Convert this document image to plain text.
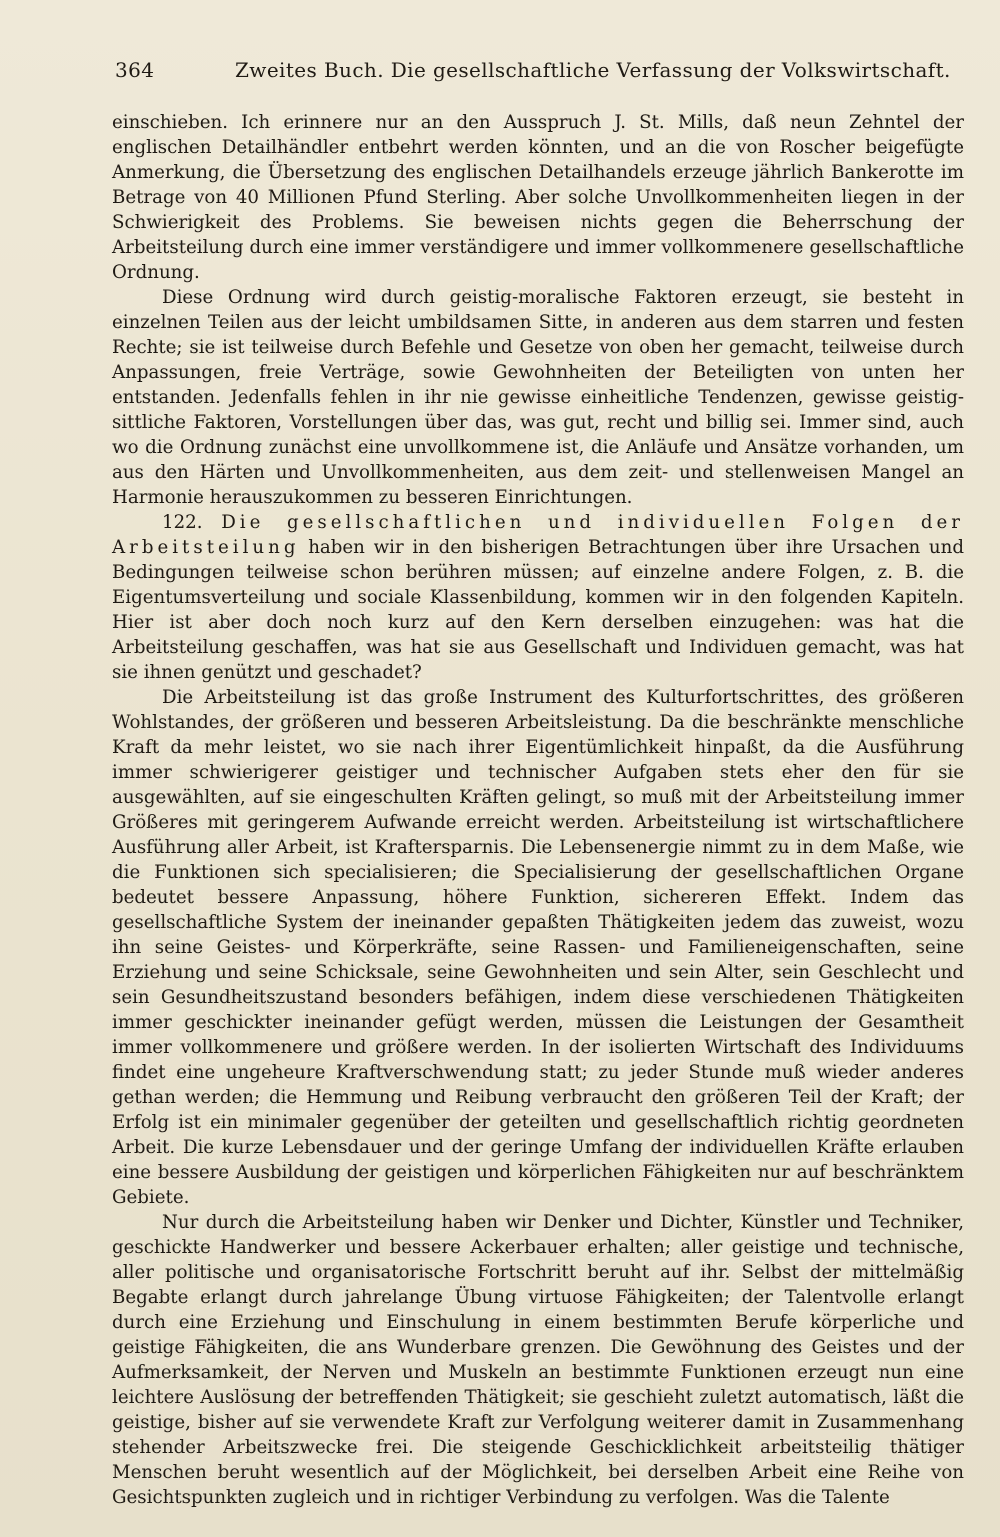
364	Zweites Buch. Die gesellschaftliche Verfassung der Volkswirtschaft.

einschieben. Ich erinnere nur an den Ausspruch J. St. Mills, daß neun Zehntel der englischen Detailhändler entbehrt werden könnten, und an die von Roscher beigefügte Anmerkung, die Übersetzung des englischen Detailhandels erzeuge jährlich Bankerotte im Betrage von 40 Millionen Pfund Sterling. Aber solche Unvollkommenheiten liegen in der Schwierigkeit des Problems. Sie beweisen nichts gegen die Beherrschung der Arbeitsteilung durch eine immer verständigere und immer vollkommenere gesellschaftliche Ordnung.

Diese Ordnung wird durch geistig-moralische Faktoren erzeugt, sie besteht in einzelnen Teilen aus der leicht umbildsamen Sitte, in anderen aus dem starren und festen Rechte; sie ist teilweise durch Befehle und Gesetze von oben her gemacht, teilweise durch Anpassungen, freie Verträge, sowie Gewohnheiten der Beteiligten von unten her entstanden. Jedenfalls fehlen in ihr nie gewisse einheitliche Tendenzen, gewisse geistig-sittliche Faktoren, Vorstellungen über das, was gut, recht und billig sei. Immer sind, auch wo die Ordnung zunächst eine unvollkommene ist, die Anläufe und Ansätze vorhanden, um aus den Härten und Unvollkommenheiten, aus dem zeit- und stellenweisen Mangel an Harmonie herauszukommen zu besseren Einrichtungen.

122. Die gesellschaftlichen und individuellen Folgen der Arbeitsteilung haben wir in den bisherigen Betrachtungen über ihre Ursachen und Bedingungen teilweise schon berühren müssen; auf einzelne andere Folgen, z. B. die Eigentumsverteilung und sociale Klassenbildung, kommen wir in den folgenden Kapiteln. Hier ist aber doch noch kurz auf den Kern derselben einzugehen: was hat die Arbeitsteilung geschaffen, was hat sie aus Gesellschaft und Individuen gemacht, was hat sie ihnen genützt und geschadet?

Die Arbeitsteilung ist das große Instrument des Kulturfortschrittes, des größeren Wohlstandes, der größeren und besseren Arbeitsleistung. Da die beschränkte menschliche Kraft da mehr leistet, wo sie nach ihrer Eigentümlichkeit hinpaßt, da die Ausführung immer schwierigerer geistiger und technischer Aufgaben stets eher den für sie ausgewählten, auf sie eingeschulten Kräften gelingt, so muß mit der Arbeitsteilung immer Größeres mit geringerem Aufwande erreicht werden. Arbeitsteilung ist wirtschaftlichere Ausführung aller Arbeit, ist Kraftersparnis. Die Lebensenergie nimmt zu in dem Maße, wie die Funktionen sich specialisieren; die Specialisierung der gesellschaftlichen Organe bedeutet bessere Anpassung, höhere Funktion, sichereren Effekt. Indem das gesellschaftliche System der ineinander gepaßten Thätigkeiten jedem das zuweist, wozu ihn seine Geistes- und Körperkräfte, seine Rassen- und Familieneigenschaften, seine Erziehung und seine Schicksale, seine Gewohnheiten und sein Alter, sein Geschlecht und sein Gesundheitszustand besonders befähigen, indem diese verschiedenen Thätigkeiten immer geschickter ineinander gefügt werden, müssen die Leistungen der Gesamtheit immer vollkommenere und größere werden. In der isolierten Wirtschaft des Individuums findet eine ungeheure Kraftverschwendung statt; zu jeder Stunde muß wieder anderes gethan werden; die Hemmung und Reibung verbraucht den größeren Teil der Kraft; der Erfolg ist ein minimaler gegenüber der geteilten und gesellschaftlich richtig geordneten Arbeit. Die kurze Lebensdauer und der geringe Umfang der individuellen Kräfte erlauben eine bessere Ausbildung der geistigen und körperlichen Fähigkeiten nur auf beschränktem Gebiete.

Nur durch die Arbeitsteilung haben wir Denker und Dichter, Künstler und Techniker, geschickte Handwerker und bessere Ackerbauer erhalten; aller geistige und technische, aller politische und organisatorische Fortschritt beruht auf ihr. Selbst der mittelmäßig Begabte erlangt durch jahrelange Übung virtuose Fähigkeiten; der Talentvolle erlangt durch eine Erziehung und Einschulung in einem bestimmten Berufe körperliche und geistige Fähigkeiten, die ans Wunderbare grenzen. Die Gewöhnung des Geistes und der Aufmerksamkeit, der Nerven und Muskeln an bestimmte Funktionen erzeugt nun eine leichtere Auslösung der betreffenden Thätigkeit; sie geschieht zuletzt automatisch, läßt die geistige, bisher auf sie verwendete Kraft zur Verfolgung weiterer damit in Zusammenhang stehender Arbeitszwecke frei. Die steigende Geschicklichkeit arbeitsteilig thätiger Menschen beruht wesentlich auf der Möglichkeit, bei derselben Arbeit eine Reihe von Gesichtspunkten zugleich und in richtiger Verbindung zu verfolgen. Was die Talente
